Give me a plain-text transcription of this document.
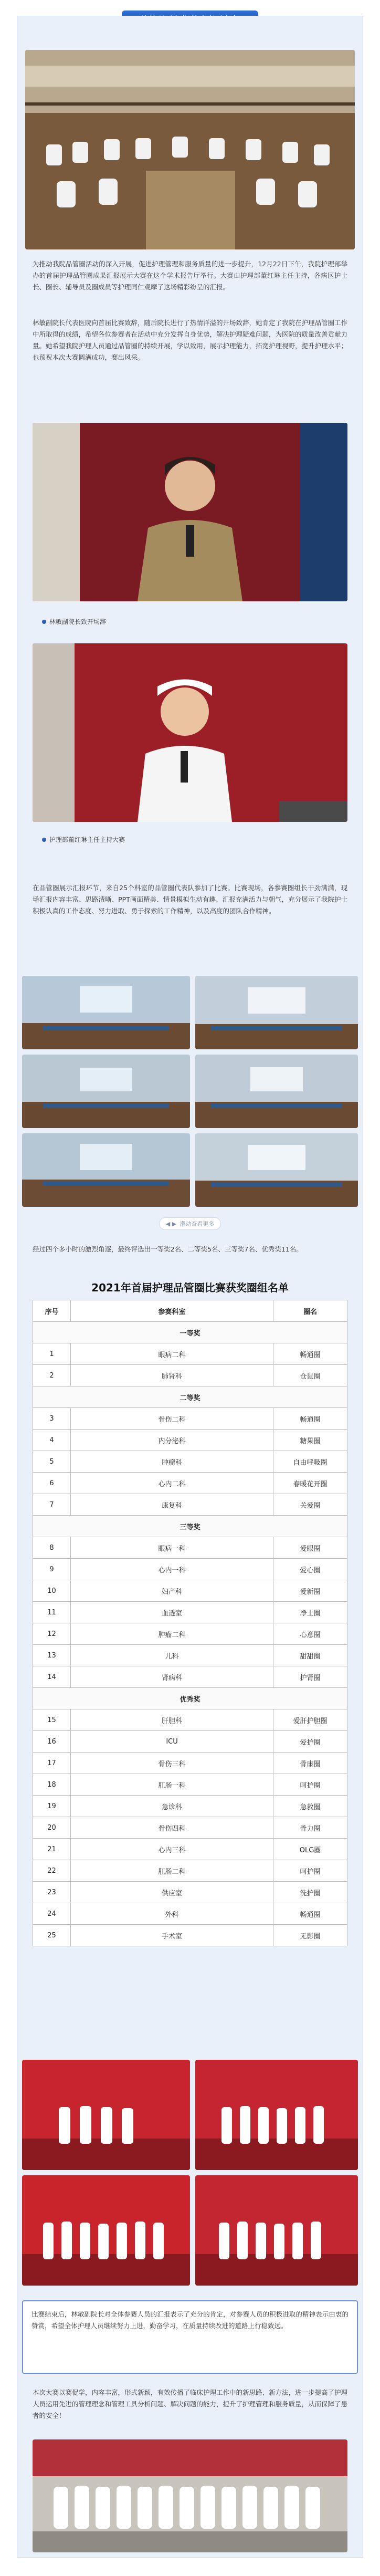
为推动我院品管圈活动的深入开展，促进护理管理和服务质量的进一步提升，12月22日下午，我院护理部举办的首届护理品管圈成果汇报展示大赛在这个学术报告厅举行。大赛由护理部董红琳主任主持，各病区护士长、圈长、辅导员及圈成员等护理同仁观摩了这场精彩纷呈的汇报。
林敏副院长代表医院向首届比赛致辞，随后院长进行了热情洋溢的开场致辞，她肯定了我院在护理品管圈工作中所取得的成绩，希望各位参赛者在活动中充分发挥自身优势，解决护理疑难问题，为医院的质量改善贡献力量。她希望我院护理人员通过品管圈的持续开展，学以致用，展示护理能力，拓宽护理视野，提升护理水平；也预祝本次大赛圆满成功，赛出风采。
林敏副院长致开场辞
护理部董红琳主任主持大赛
在品管圈展示汇报环节，来自25个科室的品管圈代表队参加了比赛。比赛现场，各参赛圈组长干劲满满，现场汇报内容丰富、思路清晰、PPT画面精美、情景模拟生动有趣、汇报充满活力与朝气，充分展示了我院护士积极认真的工作态度、努力进取、勇于探索的工作精神，以及高度的团队合作精神。
◀ ▶ 滑动查看更多
经过四个多小时的激烈角逐，最终评选出一等奖2名、二等奖5名、三等奖7名、优秀奖11名。
2021年首届护理品管圈比赛获奖圈组名单
序号	参赛科室	圈名
一等奖		
1	眼病二科	畅通圈
2	肺肾科	仓鼠圈
二等奖		
3	骨伤二科	畅通圈
4	内分泌科	糖果圈
5	肿瘤科	自由呼吸圈
6	心内二科	春暖花开圈
7	康复科	关爱圈
三等奖		
8	眼病一科	爱眼圈
9	心内一科	爱心圈
10	妇产科	爱新圈
11	血透室	净土圈
12	肿瘤二科	心意圈
13	儿科	甜甜圈
14	肾病科	护肾圈
优秀奖		
15	肝胆科	爱肝护胆圈
16	ICU	爱护圈
17	骨伤三科	骨康圈
18	肛肠一科	呵护圈
19	急诊科	急救圈
20	骨伤四科	骨力圈
21	心内三科	OLG圈
22	肛肠二科	呵护圈
23	供应室	洗护圈
24	外科	畅通圈
25	手术室	无影圈

比赛结束后，林敏副院长对全体参赛人员的汇报表示了充分的肯定，对参赛人员的积极进取的精神表示由衷的赞赏，希望全体护理人员继续努力上进，勤奋学习，在质量持续改进的道路上行稳致远。

本次大赛以赛促学，内容丰富，形式新颖，有效传播了临床护理工作中的新思路、新方法，进一步提高了护理人员运用先进的管理理念和管理工具分析问题、解决问题的能力，提升了护理管理和服务质量，从而保障了患者的安全！
